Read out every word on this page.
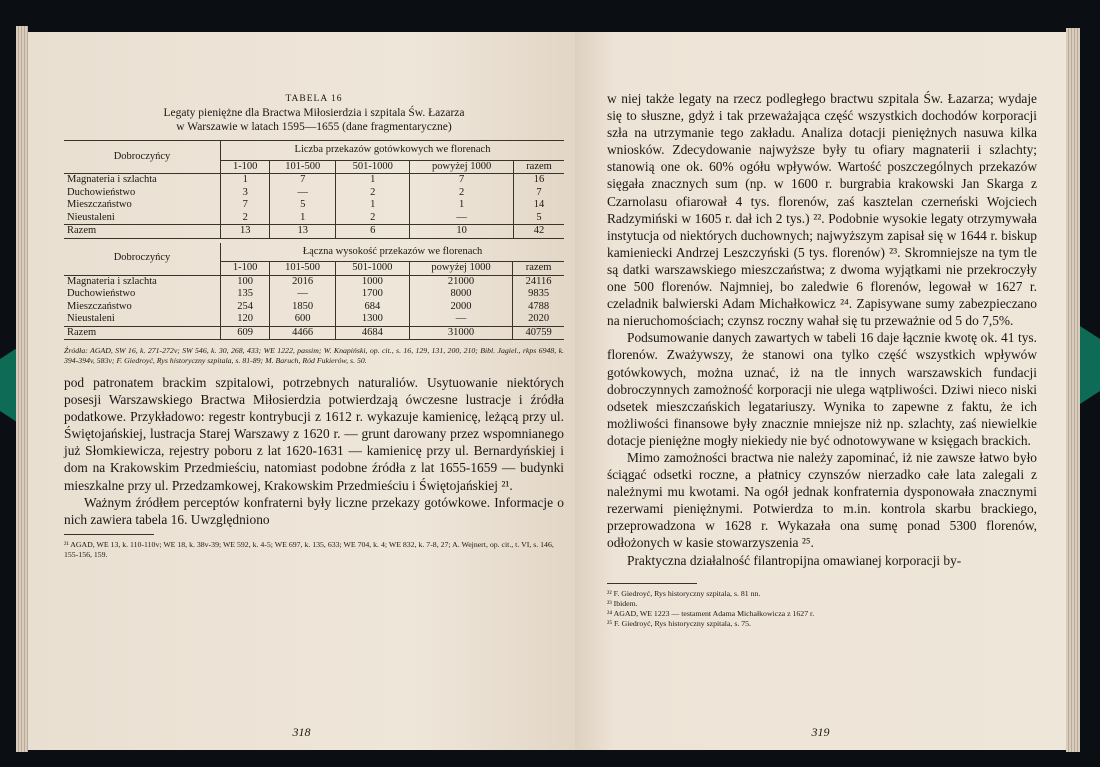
TABELA 16
Legaty pieniężne dla Bractwa Miłosierdzia i szpitala Św. Łazarza
w Warszawie w latach 1595—1655 (dane fragmentaryczne)
Dobroczyńcy	Liczba przekazów gotówkowych we florenach				
	1-100	101-500	501-1000	powyżej 1000	razem
Magnateria i szlachta	1	7	1	7	16
Duchowieństwo	3	—	2	2	7
Mieszczaństwo	7	5	1	1	14
Nieustaleni	2	1	2	—	5
Razem	13	13	6	10	42
Dobroczyńcy	Łączna wysokość przekazów we florenach				
	1-100	101-500	501-1000	powyżej 1000	razem
Magnateria i szlachta	100	2016	1000	21000	24116
Duchowieństwo	135	—	1700	8000	9835
Mieszczaństwo	254	1850	684	2000	4788
Nieustaleni	120	600	1300	—	2020
Razem	609	4466	4684	31000	40759
Źródła: AGAD, SW 16, k. 271-272v; SW 546, k. 30, 268, 433; WE 1222, passim; W. Knapiński, op. cit., s. 16, 129, 131, 200, 210; Bibl. Jagiel., rkps 6948, k. 394-394v, 583v; F. Giedroyć, Rys historyczny szpitala, s. 81-89; M. Baruch, Ród Fukierów, s. 50.

pod patronatem brackim szpitalowi, potrzebnych naturaliów. Usytuowanie niektórych posesji Warszawskiego Bractwa Miłosierdzia potwierdzają ówczesne lustracje i źródła podatkowe. Przykładowo: regestr kontrybucji z 1612 r. wykazuje kamienicę, leżącą przy ul. Świętojańskiej, lustracja Starej Warszawy z 1620 r. — grunt darowany przez wspomnianego już Słomkiewicza, rejestry poboru z lat 1620-1631 — kamienicę przy ul. Bernardyńskiej i dom na Krakowskim Przedmieściu, natomiast podobne źródła z lat 1655-1659 — budynki mieszkalne przy ul. Przedzamkowej, Krakowskim Przedmieściu i Świętojańskiej ²¹.

Ważnym źródłem perceptów konfraterni były liczne przekazy gotówkowe. Informacje o nich zawiera tabela 16. Uwzględniono

²¹ AGAD, WE 13, k. 110-110v; WE 18, k. 38v-39; WE 592, k. 4-5; WE 697, k. 135, 633; WE 704, k. 4; WE 832, k. 7-8, 27; A. Wejnert, op. cit., t. VI, s. 146, 155-156, 159.
318

w niej także legaty na rzecz podległego bractwu szpitala Św. Łazarza; wydaje się to słuszne, gdyż i tak przeważająca część wszystkich dochodów korporacji szła na utrzymanie tego zakładu. Analiza dotacji pieniężnych nasuwa kilka wniosków. Zdecydowanie najwyższe były tu ofiary magnaterii i szlachty; stanowią one ok. 60% ogółu wpływów. Wartość poszczególnych przekazów sięgała znacznych sum (np. w 1600 r. burgrabia krakowski Jan Skarga z Czarnolasu ofiarował 4 tys. florenów, zaś kasztelan czerneński Wojciech Radzymiński w 1605 r. dał ich 2 tys.) ²². Podobnie wysokie legaty otrzymywała instytucja od niektórych duchownych; najwyższym zapisał się w 1644 r. biskup kamieniecki Andrzej Leszczyński (5 tys. florenów) ²³. Skromniejsze na tym tle są datki warszawskiego mieszczaństwa; z dwoma wyjątkami nie przekroczyły one 500 florenów. Najmniej, bo zaledwie 6 florenów, legował w 1627 r. czeladnik balwierski Adam Michałkowicz ²⁴. Zapisywane sumy zabezpieczano na nieruchomościach; czynsz roczny wahał się tu przeważnie od 5 do 7,5%.

Podsumowanie danych zawartych w tabeli 16 daje łącznie kwotę ok. 41 tys. florenów. Zważywszy, że stanowi ona tylko część wszystkich wpływów gotówkowych, można uznać, iż na tle innych warszawskich fundacji dobroczynnych zamożność korporacji nie ulega wątpliwości. Dziwi nieco niski odsetek mieszczańskich legatariuszy. Wynika to zapewne z faktu, że ich możliwości finansowe były znacznie mniejsze niż np. szlachty, zaś niewielkie dotacje pieniężne mogły niekiedy nie być odnotowywane w księgach brackich.

Mimo zamożności bractwa nie należy zapominać, iż nie zawsze łatwo było ściągać odsetki roczne, a płatnicy czynszów nierzadko całe lata zalegali z należnymi mu kwotami. Na ogół jednak konfraternia dysponowała znacznymi rezerwami pieniężnymi. Potwierdza to m.in. kontrola skarbu brackiego, przeprowadzona w 1628 r. Wykazała ona sumę ponad 5300 florenów, odłożonych w kasie stowarzyszenia ²⁵.

Praktyczna działalność filantropijna omawianej korporacji by-

²² F. Giedroyć, Rys historyczny szpitala, s. 81 nn.
²³ Ibidem.
²⁴ AGAD, WE 1223 — testament Adama Michałkowicza z 1627 r.
²⁵ F. Giedroyć, Rys historyczny szpitala, s. 75.
319
